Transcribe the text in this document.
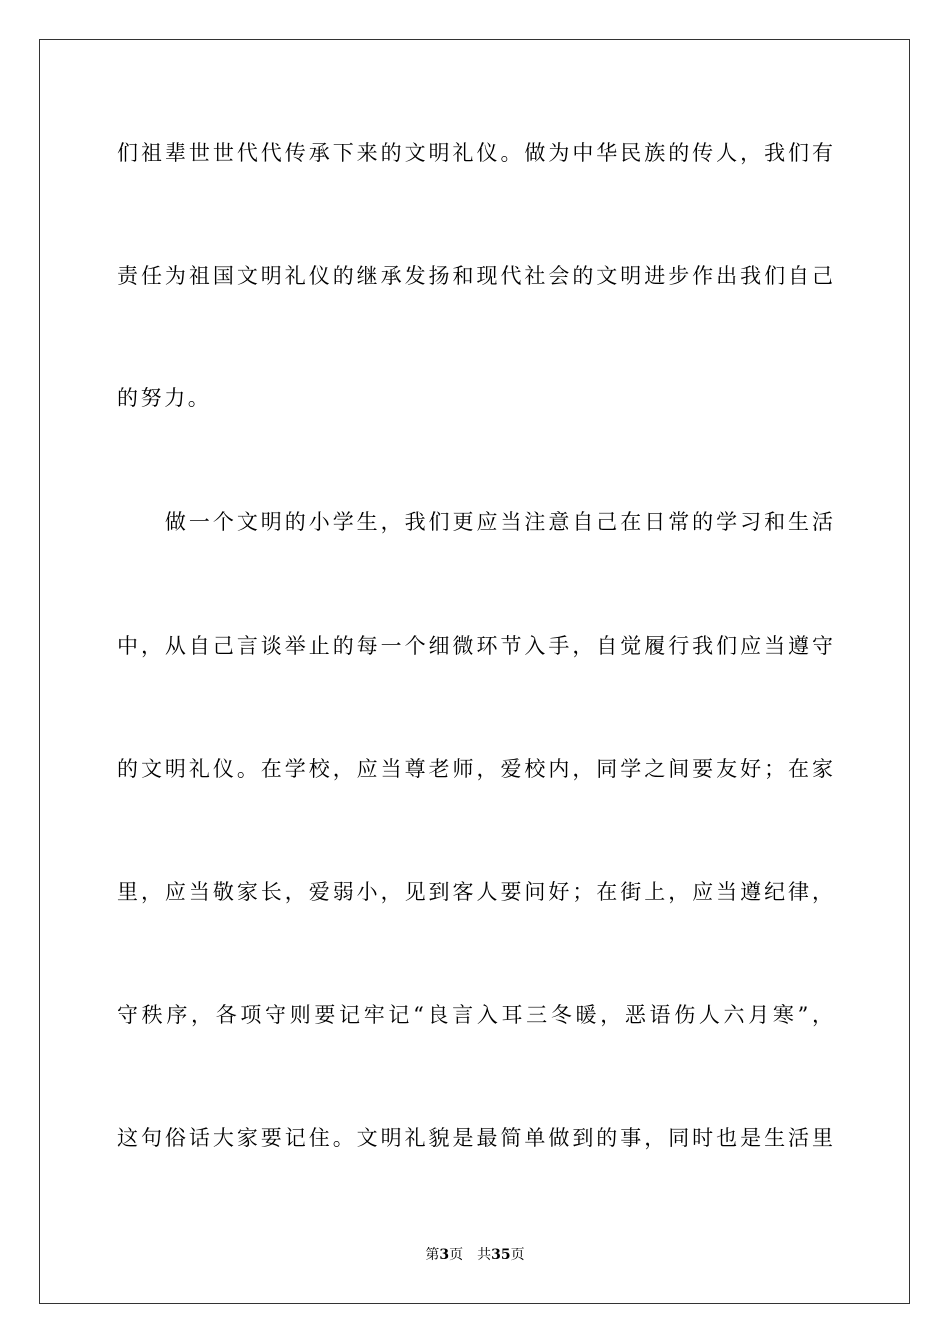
们祖辈世世代代传承下来的文明礼仪。做为中华民族的传人，我们有
责任为祖国文明礼仪的继承发扬和现代社会的文明进步作出我们自己
的努力。
　　做一个文明的小学生，我们更应当注意自己在日常的学习和生活
中，从自己言谈举止的每一个细微环节入手，自觉履行我们应当遵守
的文明礼仪。在学校，应当尊老师，爱校内，同学之间要友好；在家
里，应当敬家长，爱弱小，见到客人要问好；在街上，应当遵纪律，
守秩序，各项守则要记牢记“良言入耳三冬暖，恶语伤人六月寒”，
这句俗话大家要记住。文明礼貌是最简单做到的事，同时也是生活里
第3页  共35页
